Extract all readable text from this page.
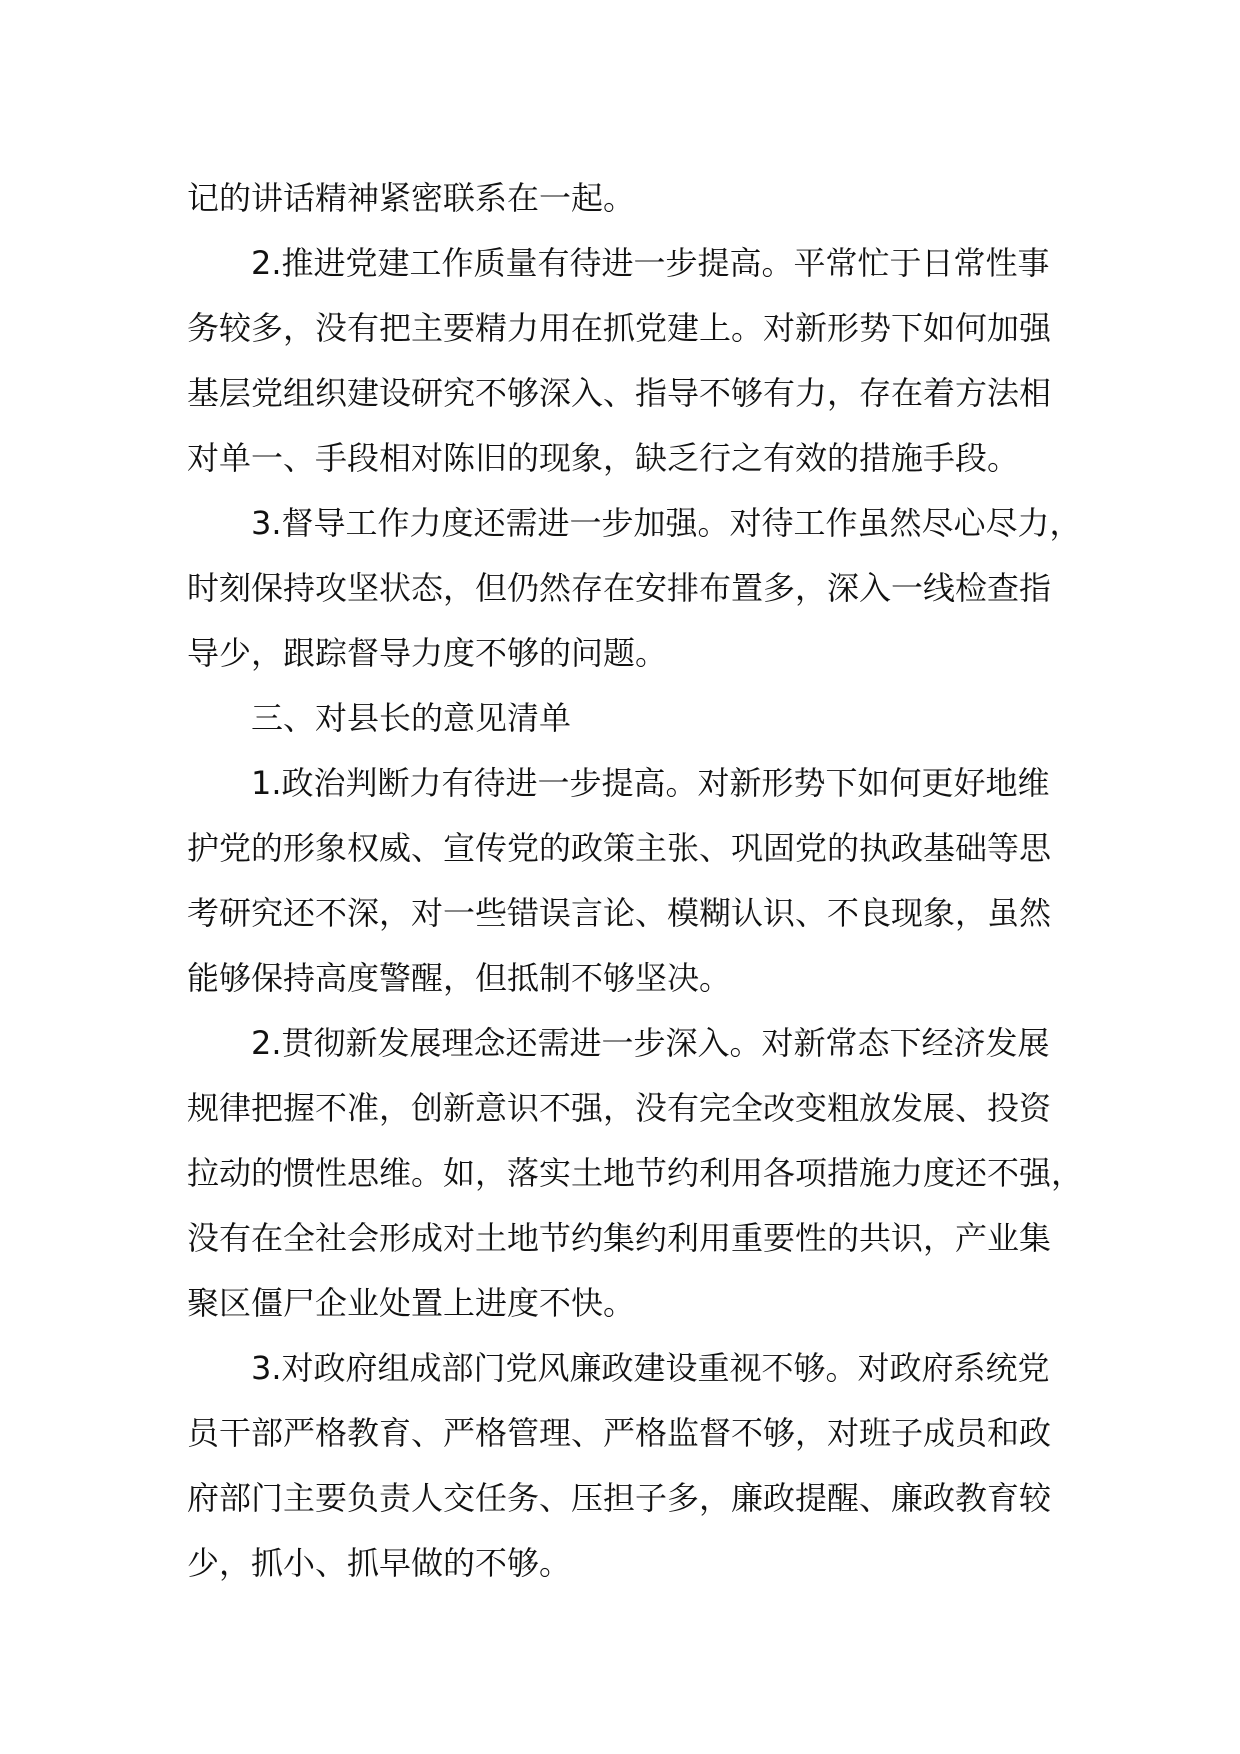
记的讲话精神紧密联系在一起。
2.推进党建工作质量有待进一步提高。平常忙于日常性事
务较多，没有把主要精力用在抓党建上。对新形势下如何加强
基层党组织建设研究不够深入、指导不够有力，存在着方法相
对单一、手段相对陈旧的现象，缺乏行之有效的措施手段。
3.督导工作力度还需进一步加强。对待工作虽然尽心尽力，
时刻保持攻坚状态，但仍然存在安排布置多，深入一线检查指
导少，跟踪督导力度不够的问题。
三、对县长的意见清单
1.政治判断力有待进一步提高。对新形势下如何更好地维
护党的形象权威、宣传党的政策主张、巩固党的执政基础等思
考研究还不深，对一些错误言论、模糊认识、不良现象，虽然
能够保持高度警醒，但抵制不够坚决。
2.贯彻新发展理念还需进一步深入。对新常态下经济发展
规律把握不准，创新意识不强，没有完全改变粗放发展、投资
拉动的惯性思维。如，落实土地节约利用各项措施力度还不强，
没有在全社会形成对土地节约集约利用重要性的共识，产业集
聚区僵尸企业处置上进度不快。
3.对政府组成部门党风廉政建设重视不够。对政府系统党
员干部严格教育、严格管理、严格监督不够，对班子成员和政
府部门主要负责人交任务、压担子多，廉政提醒、廉政教育较
少，抓小、抓早做的不够。
